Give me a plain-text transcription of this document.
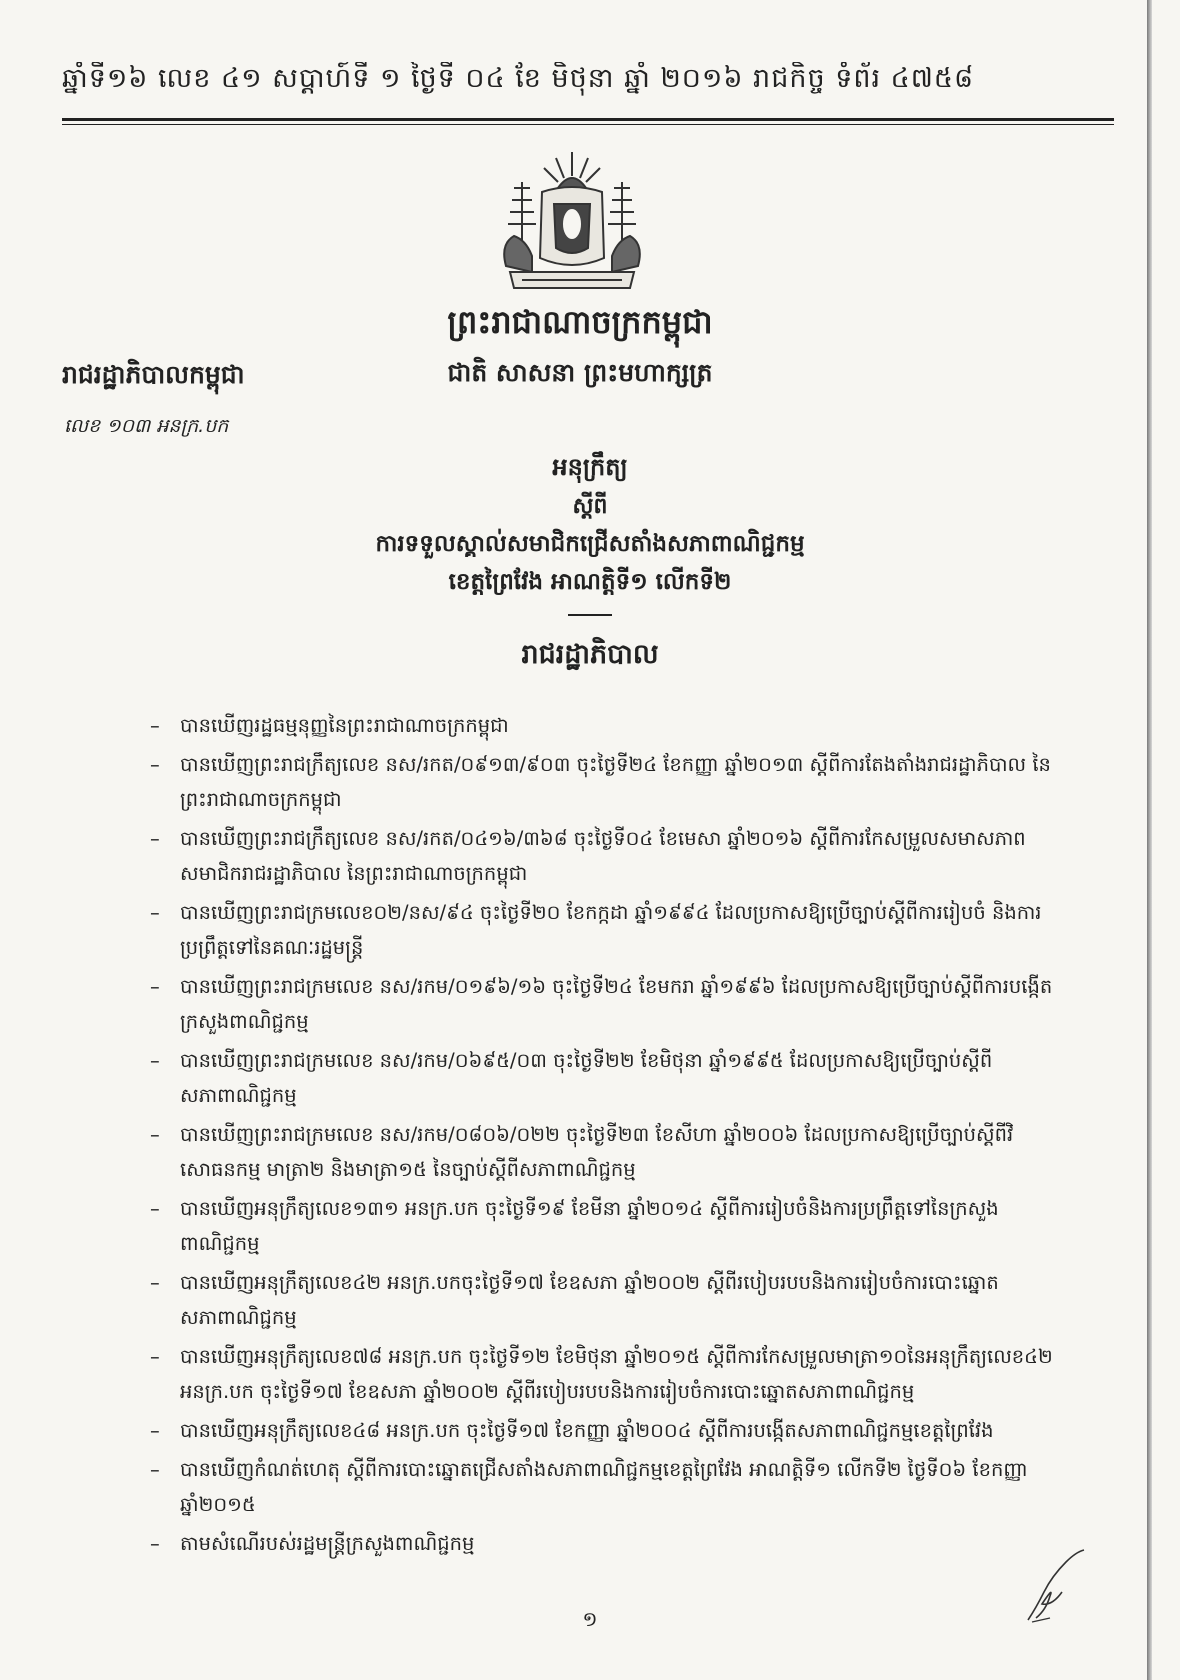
ឆ្នាំទី១៦ លេខ ៤១ សប្ដាហ៍ទី ១ ថ្ងៃទី ០៤ ខែ មិថុនា ឆ្នាំ ២០១៦ រាជកិច្ច ទំព័រ ៤៧៥៨
ព្រះរាជាណាចក្រកម្ពុជា
ជាតិ សាសនា ព្រះមហាក្សត្រ
រាជរដ្ឋាភិបាលកម្ពុជា
លេខ ១០៣ អនក្រ.បក
អនុក្រឹត្យ
ស្ដីពី
ការទទួលស្គាល់សមាជិកជ្រើសតាំងសភាពាណិជ្ជកម្ម
ខេត្តព្រៃវែង អាណត្តិទី១ លើកទី២
រាជរដ្ឋាភិបាល
– បានឃើញរដ្ឋធម្មនុញ្ញនៃព្រះរាជាណាចក្រកម្ពុជា
– បានឃើញព្រះរាជក្រឹត្យលេខ នស/រកត/០៩១៣/៩០៣ ចុះថ្ងៃទី២៤ ខែកញ្ញា ឆ្នាំ២០១៣ ស្ដីពីការតែងតាំងរាជរដ្ឋាភិបាល នៃព្រះរាជាណាចក្រកម្ពុជា
– បានឃើញព្រះរាជក្រឹត្យលេខ នស/រកត/០៤១៦/៣៦៨ ចុះថ្ងៃទី០៤ ខែមេសា ឆ្នាំ២០១៦ ស្ដីពីការកែសម្រួលសមាសភាពសមាជិករាជរដ្ឋាភិបាល នៃព្រះរាជាណាចក្រកម្ពុជា
– បានឃើញព្រះរាជក្រមលេខ០២/នស/៩៤ ចុះថ្ងៃទី២០ ខែកក្កដា ឆ្នាំ១៩៩៤ ដែលប្រកាសឱ្យប្រើច្បាប់ស្ដីពីការរៀបចំ និងការប្រព្រឹត្តទៅនៃគណៈរដ្ឋមន្ត្រី
– បានឃើញព្រះរាជក្រមលេខ នស/រកម/០១៩៦/១៦ ចុះថ្ងៃទី២៤ ខែមករា ឆ្នាំ១៩៩៦ ដែលប្រកាសឱ្យប្រើច្បាប់ស្ដីពីការបង្កើតក្រសួងពាណិជ្ជកម្ម
– បានឃើញព្រះរាជក្រមលេខ នស/រកម/០៦៩៥/០៣ ចុះថ្ងៃទី២២ ខែមិថុនា ឆ្នាំ១៩៩៥ ដែលប្រកាសឱ្យប្រើច្បាប់ស្ដីពីសភាពាណិជ្ជកម្ម
– បានឃើញព្រះរាជក្រមលេខ នស/រកម/០៨០៦/០២២ ចុះថ្ងៃទី២៣ ខែសីហា ឆ្នាំ២០០៦ ដែលប្រកាសឱ្យប្រើច្បាប់ស្ដីពីវិសោធនកម្ម មាត្រា២ និងមាត្រា១៥ នៃច្បាប់ស្ដីពីសភាពាណិជ្ជកម្ម
– បានឃើញអនុក្រឹត្យលេខ១៣១ អនក្រ.បក ចុះថ្ងៃទី១៩ ខែមីនា ឆ្នាំ២០១៤ ស្ដីពីការរៀបចំនិងការប្រព្រឹត្តទៅនៃក្រសួងពាណិជ្ជកម្ម
– បានឃើញអនុក្រឹត្យលេខ៤២ អនក្រ.បកចុះថ្ងៃទី១៧ ខែឧសភា ឆ្នាំ២០០២ ស្ដីពីរបៀបរបបនិងការរៀបចំការបោះឆ្នោតសភាពាណិជ្ជកម្ម
– បានឃើញអនុក្រឹត្យលេខ៧៨ អនក្រ.បក ចុះថ្ងៃទី១២ ខែមិថុនា ឆ្នាំ២០១៥ ស្ដីពីការកែសម្រួលមាត្រា១០នៃអនុក្រឹត្យលេខ៤២ អនក្រ.បក ចុះថ្ងៃទី១៧ ខែឧសភា ឆ្នាំ២០០២ ស្ដីពីរបៀបរបបនិងការរៀបចំការបោះឆ្នោតសភាពាណិជ្ជកម្ម
– បានឃើញអនុក្រឹត្យលេខ៤៨ អនក្រ.បក ចុះថ្ងៃទី១៧ ខែកញ្ញា ឆ្នាំ២០០៤ ស្ដីពីការបង្កើតសភាពាណិជ្ជកម្មខេត្តព្រៃវែង
– បានឃើញកំណត់ហេតុ ស្ដីពីការបោះឆ្នោតជ្រើសតាំងសភាពាណិជ្ជកម្មខេត្តព្រៃវែង អាណត្តិទី១ លើកទី២ ថ្ងៃទី០៦ ខែកញ្ញា ឆ្នាំ២០១៥
– តាមសំណើរបស់រដ្ឋមន្ត្រីក្រសួងពាណិជ្ជកម្ម
១
